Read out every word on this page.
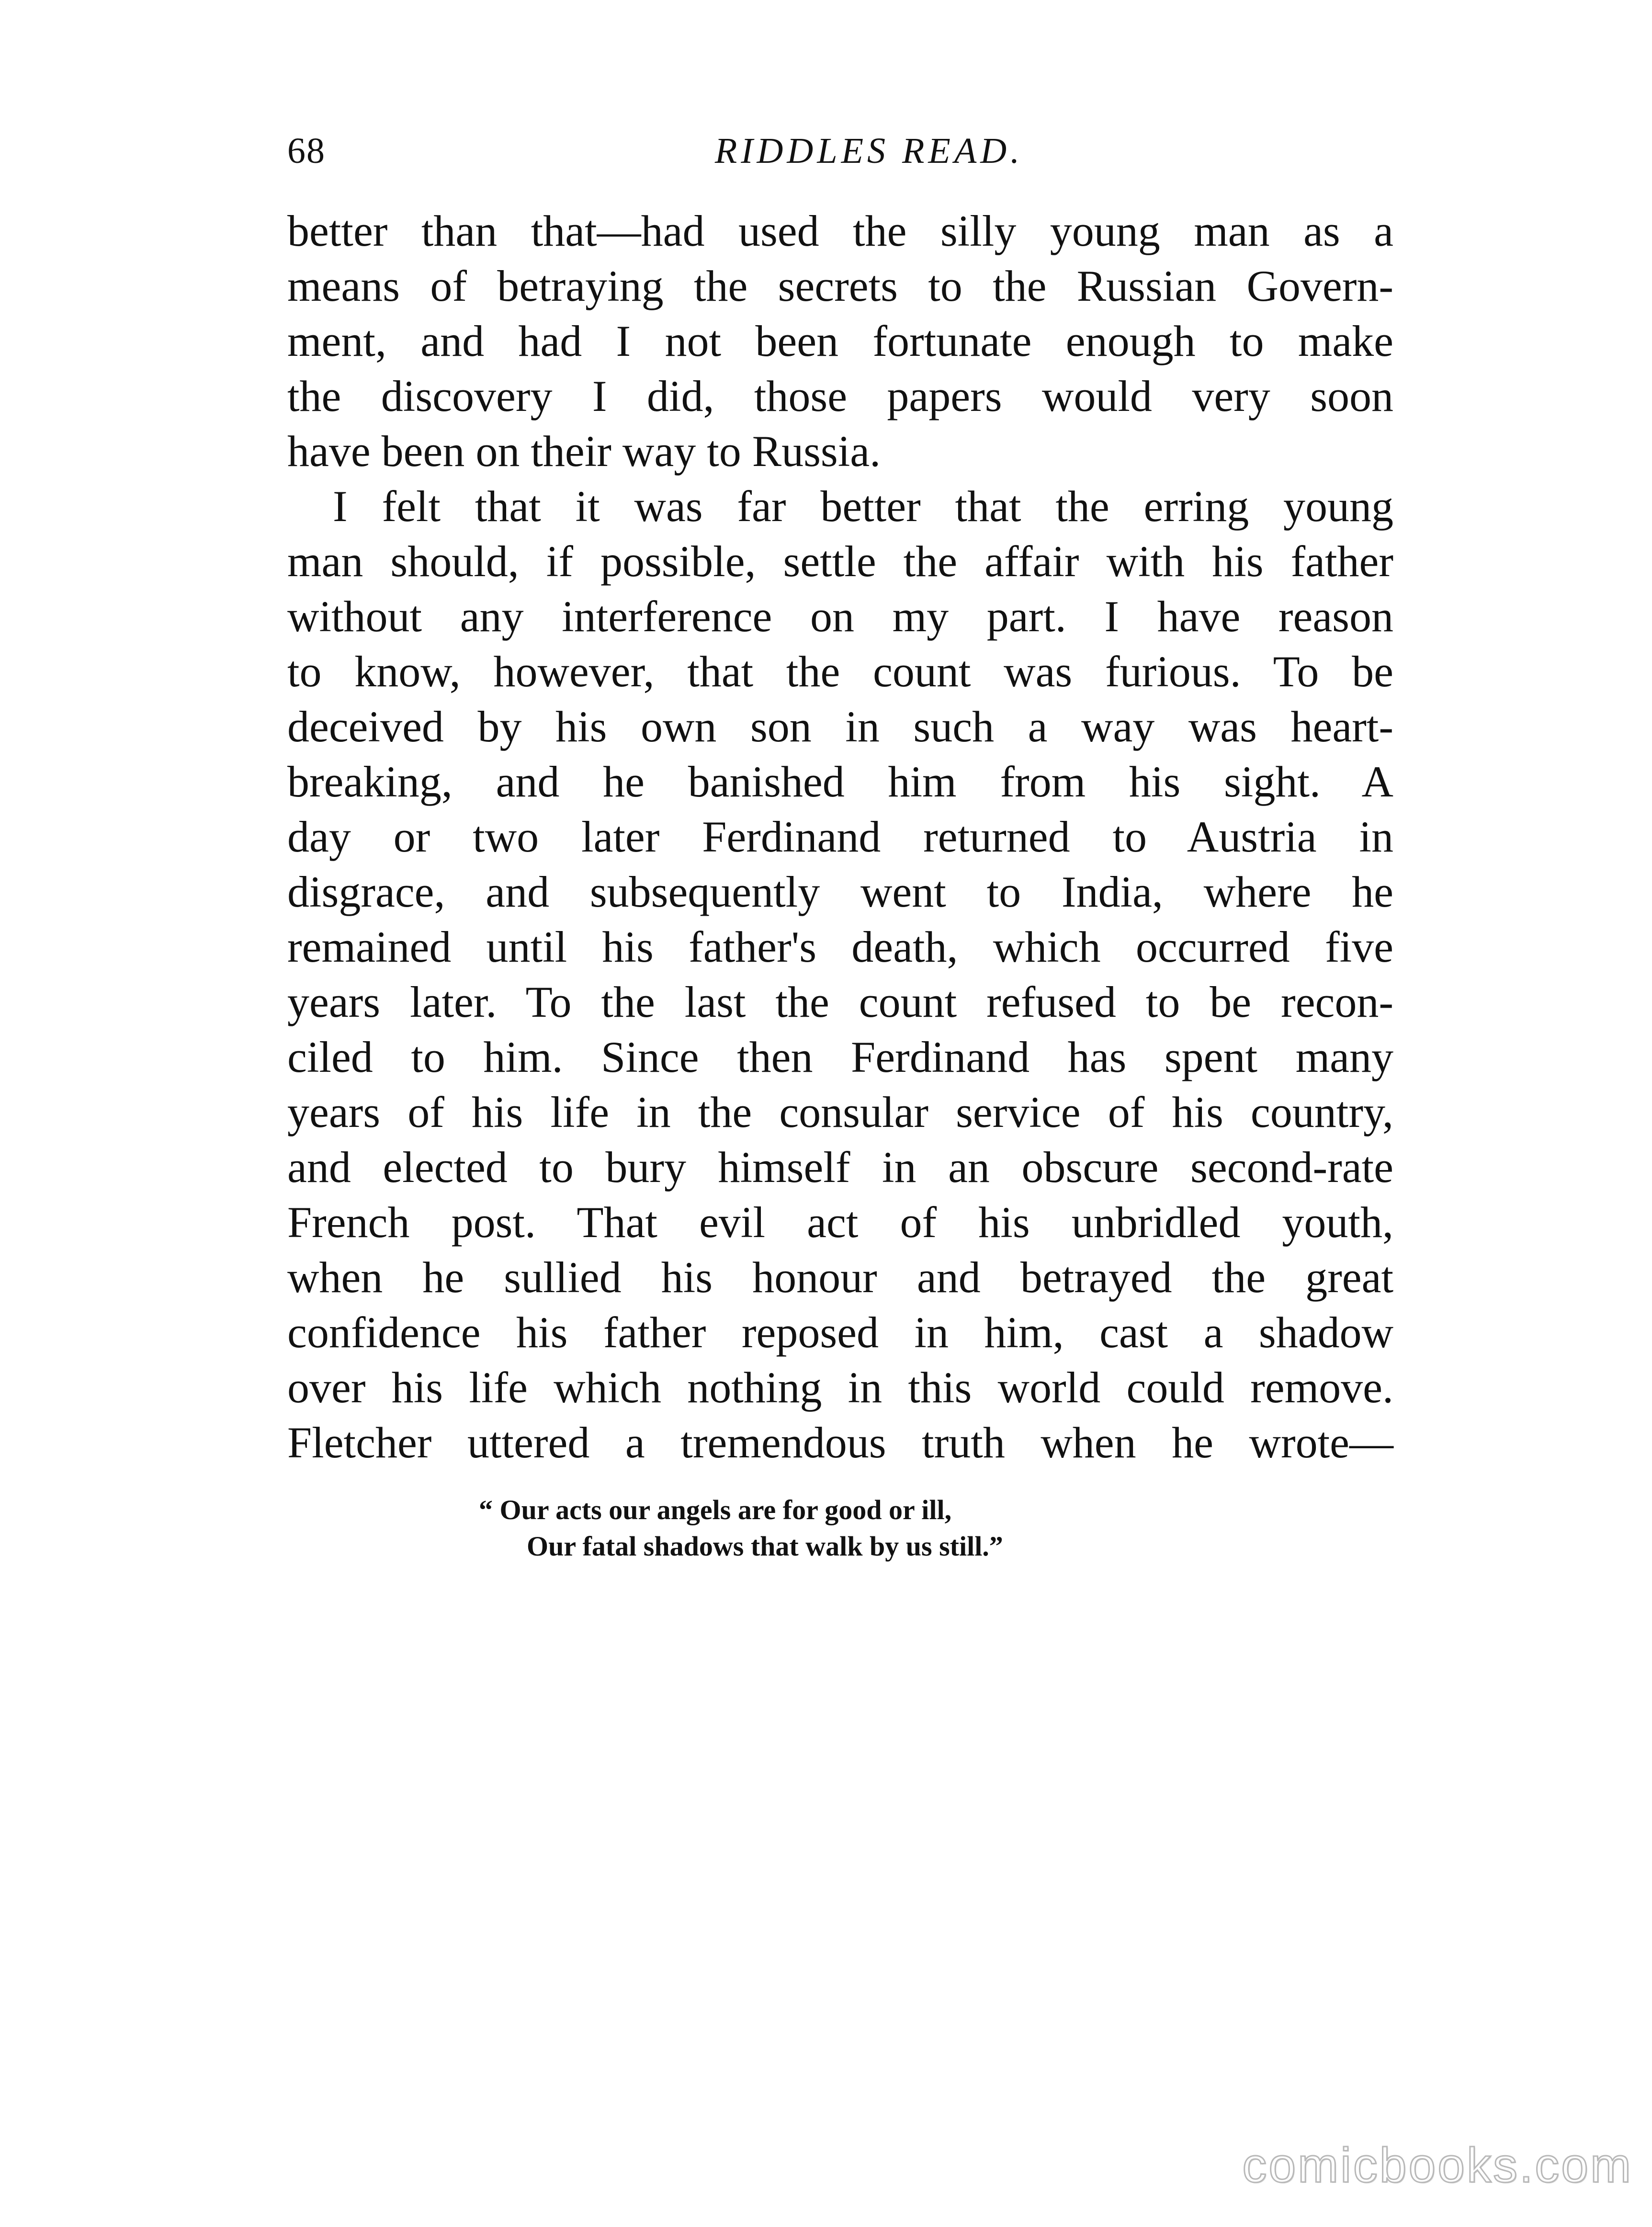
68	RIDDLES READ.
better than that—had used the silly young man as a
means of betraying the secrets to the Russian Govern-
ment, and had I not been fortunate enough to make
the discovery I did, those papers would very soon
have been on their way to Russia.
I felt that it was far better that the erring young
man should, if possible, settle the affair with his father
without any interference on my part. I have reason
to know, however, that the count was furious. To be
deceived by his own son in such a way was heart-
breaking, and he banished him from his sight. A
day or two later Ferdinand returned to Austria in
disgrace, and subsequently went to India, where he
remained until his father's death, which occurred five
years later. To the last the count refused to be recon-
ciled to him. Since then Ferdinand has spent many
years of his life in the consular service of his country,
and elected to bury himself in an obscure second-rate
French post. That evil act of his unbridled youth,
when he sullied his honour and betrayed the great
confidence his father reposed in him, cast a shadow
over his life which nothing in this world could remove.
Fletcher uttered a tremendous truth when he wrote—
“ Our acts our angels are for good or ill,
Our fatal shadows that walk by us still.”
comicbooks.com
